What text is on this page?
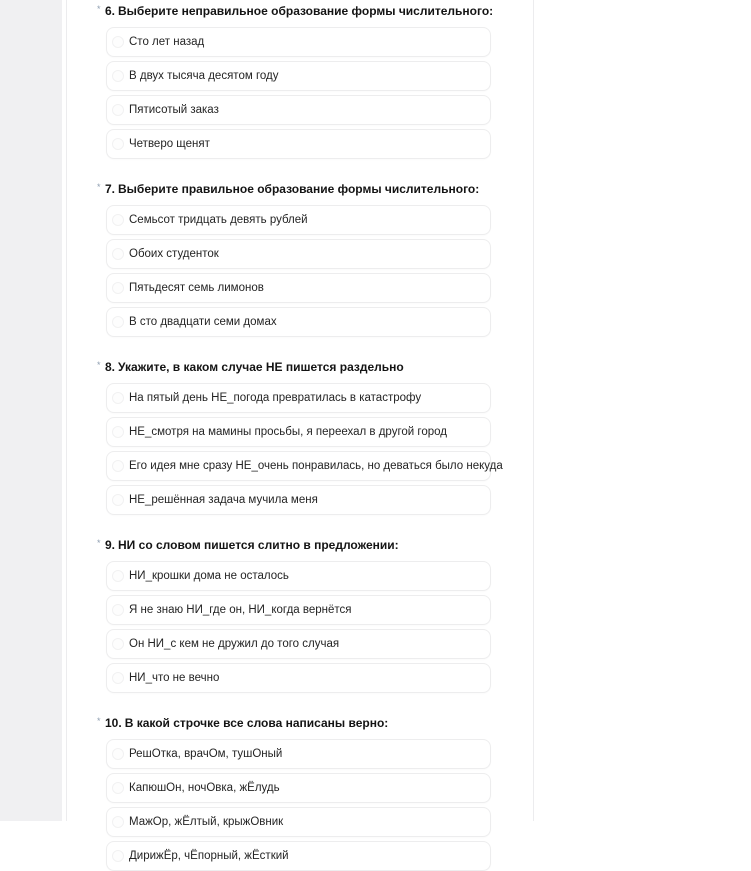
* 6. Выберите неправильное образование формы числительного:
Сто лет назад
В двух тысяча десятом году
Пятисотый заказ
Четверо щенят
* 7. Выберите правильное образование формы числительного:
Семьсот тридцать девять рублей
Обоих студенток
Пятьдесят семь лимонов
В сто двадцати семи домах
* 8. Укажите, в каком случае НЕ пишется раздельно
На пятый день НЕ_погода превратилась в катастрофу
НЕ_смотря на мамины просьбы, я переехал в другой город
Его идея мне сразу НЕ_очень понравилась, но деваться было некуда
НЕ_решённая задача мучила меня
* 9. НИ со словом пишется слитно в предложении:
НИ_крошки дома не осталось
Я не знаю НИ_где он, НИ_когда вернётся
Он НИ_с кем не дружил до того случая
НИ_что не вечно
* 10. В какой строчке все слова написаны верно:
РешОтка, врачОм, тушОный
КапюшОн, ночОвка, жЁлудь
МажОр, жЁлтый, крыжОвник
ДирижЁр, чЁпорный, жЁсткий
